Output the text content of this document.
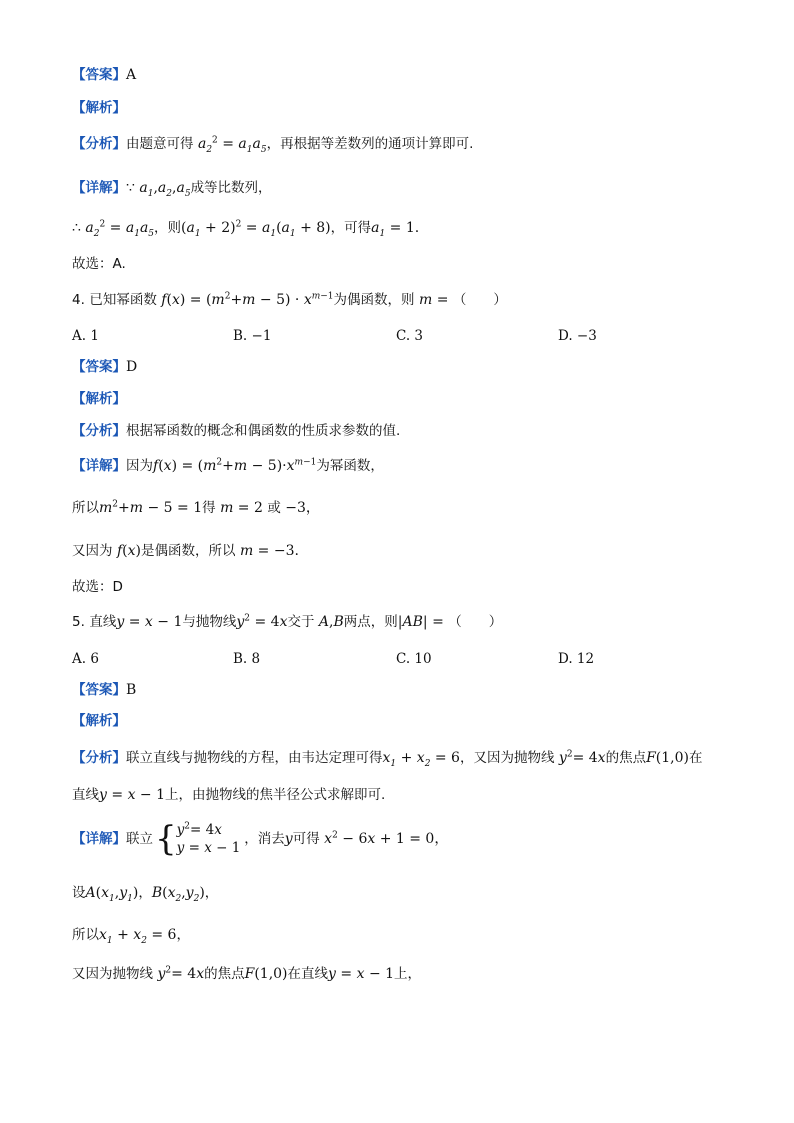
【答案】A
【解析】
【分析】由题意可得 $a_2^2 = a_1a_5$，再根据等差数列的通项计算即可.
【详解】∵ $a_1,a_2,a_5$成等比数列，
∴ $a_2^2 = a_1a_5$，则$(a_1 + 2)^2 = a_1(a_1 + 8)$，可得$a_1 = 1$.
故选：A.
4. 已知幂函数 $f(x) = (m^2+m - 5) \cdot x^{m-1}$为偶函数，则 m = （　　）
A. 1	B. −1	C. 3	D. −3
【答案】D
【解析】
【分析】根据幂函数的概念和偶函数的性质求参数的值.
【详解】因为$f(x) = (m^2+m - 5)\cdot x^{m-1}$为幂函数，
所以$m^2+m - 5 = 1$得 m = 2 或 −3，
又因为 f(x)是偶函数，所以 m = −3.
故选：D
5. 直线y = x − 1与抛物线$y^2 = 4x$交于 A,B两点，则|AB| = （　　）
A. 6	B. 8	C. 10	D. 12
【答案】B
【解析】
【分析】联立直线与抛物线的方程，由韦达定理可得$x_1 + x_2 = 6$，又因为抛物线 $y^2= 4x$的焦点F(1,0)在
直线y = x − 1上，由抛物线的焦半径公式求解即可.
【详解】联立{$y^2= 4x$
y = x − 1，消去y可得 $x^2 - 6x + 1 = 0$，
设$A(x_1,y_1)$，$B(x_2,y_2)$，
所以$x_1 + x_2 = 6$，
又因为抛物线 $y^2= 4x$的焦点F(1,0)在直线y = x − 1上，
